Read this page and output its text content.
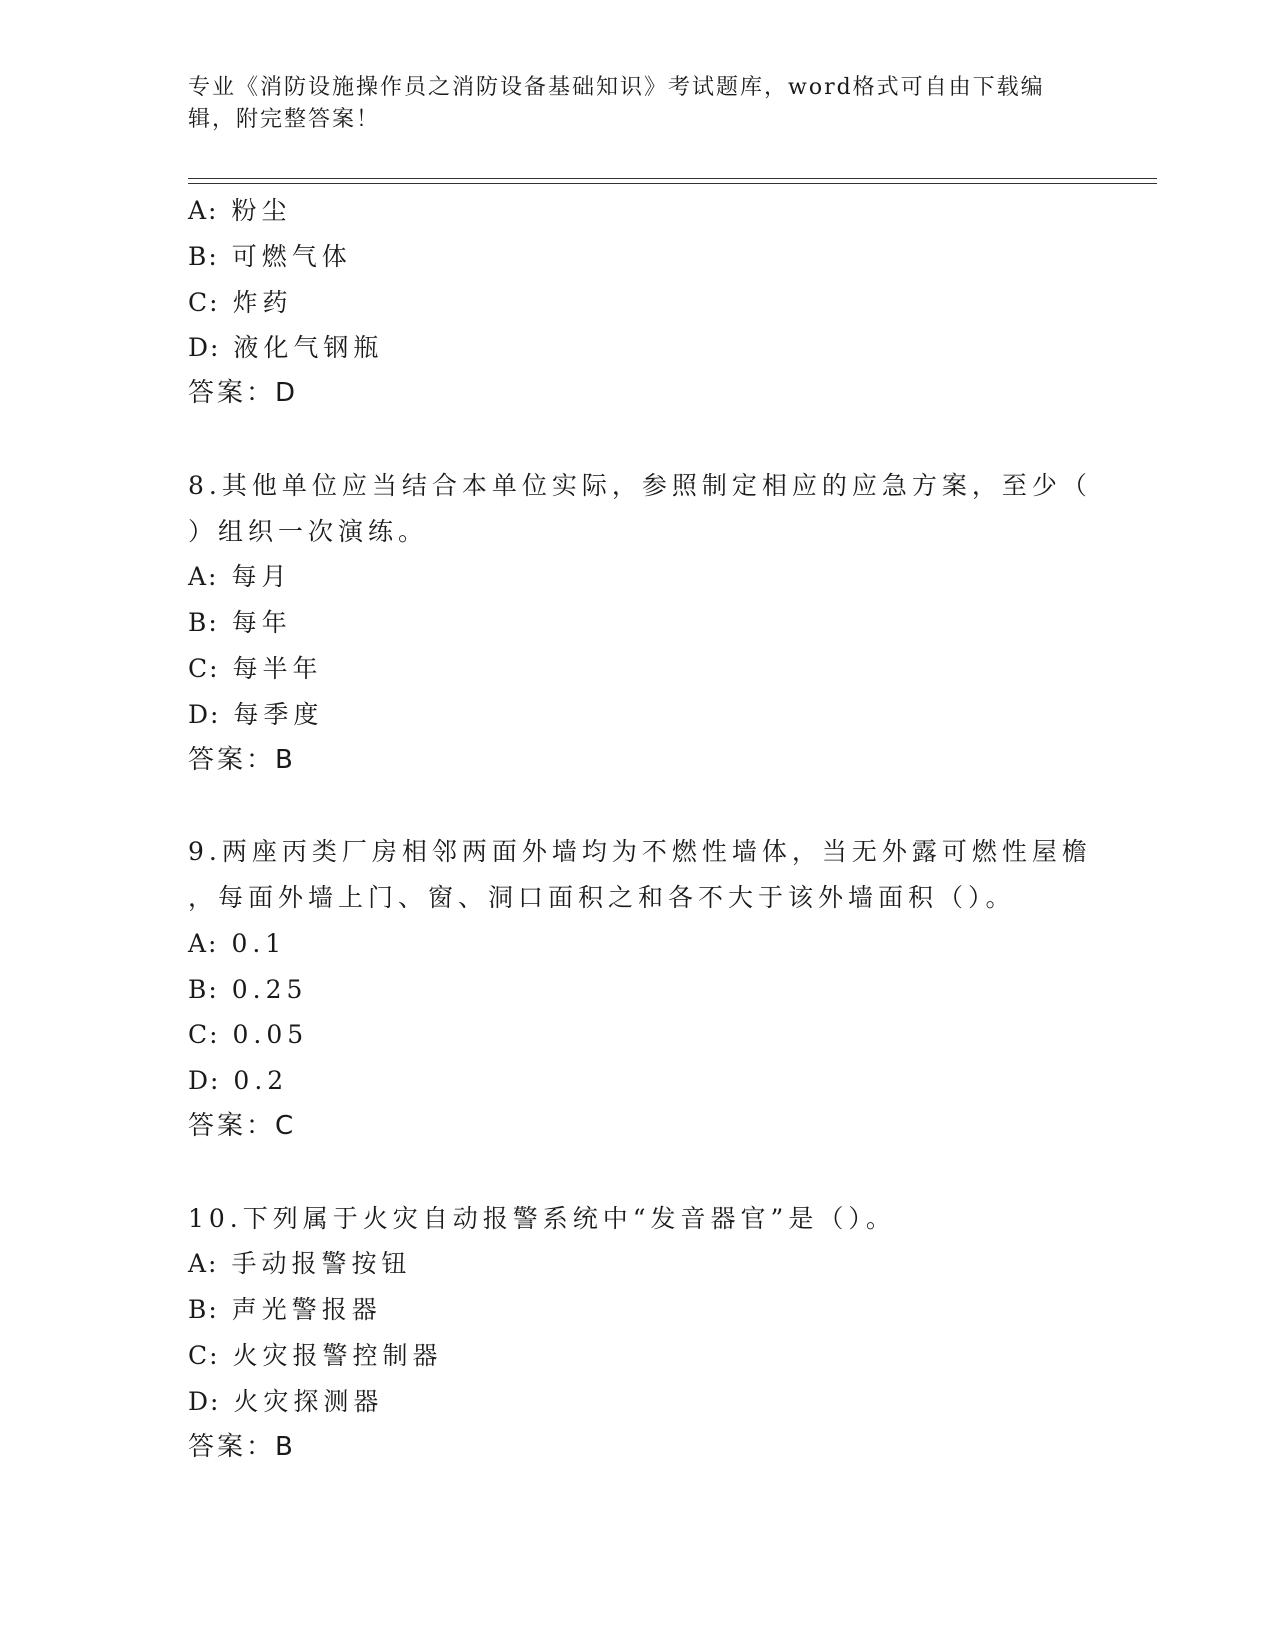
专业《消防设施操作员之消防设备基础知识》考试题库，word格式可自由下载编
辑，附完整答案！
A: 粉尘
B: 可燃气体
C: 炸药
D: 液化气钢瓶
答案：D
8.其他单位应当结合本单位实际，参照制定相应的应急方案，至少（
）组织一次演练。
A: 每月
B: 每年
C: 每半年
D: 每季度
答案：B
9.两座丙类厂房相邻两面外墙均为不燃性墙体，当无外露可燃性屋檐
，每面外墙上门、窗、洞口面积之和各不大于该外墙面积（）。
A: 0.1
B: 0.25
C: 0.05
D: 0.2
答案：C
10.下列属于火灾自动报警系统中“发音器官”是（）。
A: 手动报警按钮
B: 声光警报器
C: 火灾报警控制器
D: 火灾探测器
答案：B
